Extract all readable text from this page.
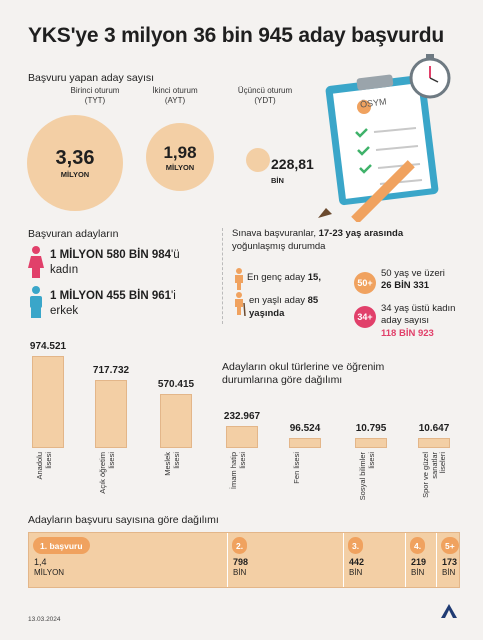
YKS'ye 3 milyon 36 bin 945 aday başvurdu
Başvuru yapan aday sayısı
Birinci oturum
(TYT)
3,36
MİLYON
İkinci oturum
(AYT)
1,98
MİLYON
Üçüncü oturum
(YDT)
228,81
BİN
ÖSYM
Başvuran adayların
1 MİLYON 580 BİN 984'ü
kadın
1 MİLYON 455 BİN 961'i
erkek
Sınava başvuranlar, 17-23 yaş arasında
yoğunlaşmış durumda
En genç aday 15,
en yaşlı aday 85
yaşında
50+
50 yaş ve üzeri
26 BİN 331
34+
34 yaş üstü kadın
aday sayısı
118 BİN 923
Adayların okul türlerine ve öğrenim
durumlarına göre dağılımı
974.521
Anadolu
lisesi
717.732
Açık öğretim
lisesi
570.415
Meslek
lisesi
232.967
İmam hatip
lisesi
96.524
Fen lisesi
10.795
Sosyal bilimler
lisesi
10.647
Spor ve güzel
sanatlar
liseleri
Adayların başvuru sayısına göre dağılımı
1. başvuru
1,4
MİLYON
2.
798
BİN
3.
442
BİN
4.
219
BİN
5+
173
BİN
13.03.2024
